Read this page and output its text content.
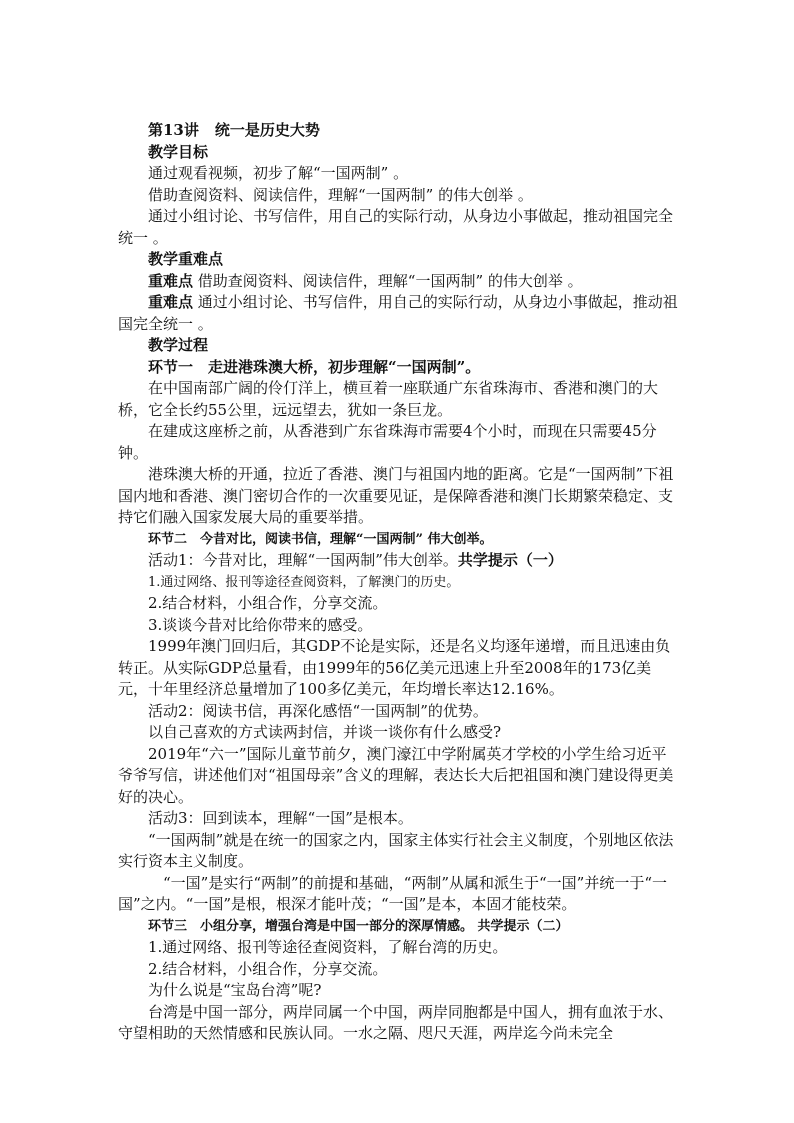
第13讲 统一是历史大势

教学目标

通过观看视频，初步了解“一国两制” 。

借助查阅资料、阅读信件，理解“一国两制” 的伟大创举 。

通过小组讨论、书写信件，用自己的实际行动，从身边小事做起，推动祖国完全统一 。

教学重难点

重难点 借助查阅资料、阅读信件，理解“一国两制” 的伟大创举 。

重难点 通过小组讨论、书写信件，用自己的实际行动，从身边小事做起，推动祖国完全统一 。

教学过程

环节一　走进港珠澳大桥，初步理解“一国两制”。

在中国南部广阔的伶仃洋上，横亘着一座联通广东省珠海市、香港和澳门的大桥，它全长约55公里，远远望去，犹如一条巨龙。

在建成这座桥之前，从香港到广东省珠海市需要4个小时，而现在只需要45分钟。

港珠澳大桥的开通，拉近了香港、澳门与祖国内地的距离。它是“一国两制”下祖国内地和香港、澳门密切合作的一次重要见证，是保障香港和澳门长期繁荣稳定、支持它们融入国家发展大局的重要举措。

环节二　今昔对比，阅读书信，理解“一国两制” 伟大创举。

活动1：今昔对比，理解“一国两制”伟大创举。共学提示（一）

1.通过网络、报刊等途径查阅资料，了解澳门的历史。

2.结合材料，小组合作，分享交流。

3.谈谈今昔对比给你带来的感受。

1999年澳门回归后，其GDP不论是实际，还是名义均逐年递增，而且迅速由负转正。从实际GDP总量看，由1999年的56亿美元迅速上升至2008年的173亿美元，十年里经济总量增加了100多亿美元，年均增长率达12.16%。

活动2：阅读书信，再深化感悟“一国两制”的优势。

以自己喜欢的方式读两封信，并谈一谈你有什么感受?

2019年“六一”国际儿童节前夕，澳门濠江中学附属英才学校的小学生给习近平爷爷写信，讲述他们对“祖国母亲”含义的理解，表达长大后把祖国和澳门建设得更美好的决心。

活动3：回到读本，理解“一国”是根本。

“一国两制”就是在统一的国家之内，国家主体实行社会主义制度，个别地区依法实行资本主义制度。

“一国”是实行“两制”的前提和基础，“两制”从属和派生于“一国”并统一于“一国”之内。“一国”是根，根深才能叶茂；“一国”是本，本固才能枝荣。

环节三　小组分享，增强台湾是中国一部分的深厚情感。 共学提示（二）

1.通过网络、报刊等途径查阅资料，了解台湾的历史。

2.结合材料，小组合作，分享交流。

为什么说是“宝岛台湾”呢?

台湾是中国一部分，两岸同属一个中国，两岸同胞都是中国人，拥有血浓于水、守望相助的天然情感和民族认同。一水之隔、咫尺天涯，两岸迄今尚未完全
